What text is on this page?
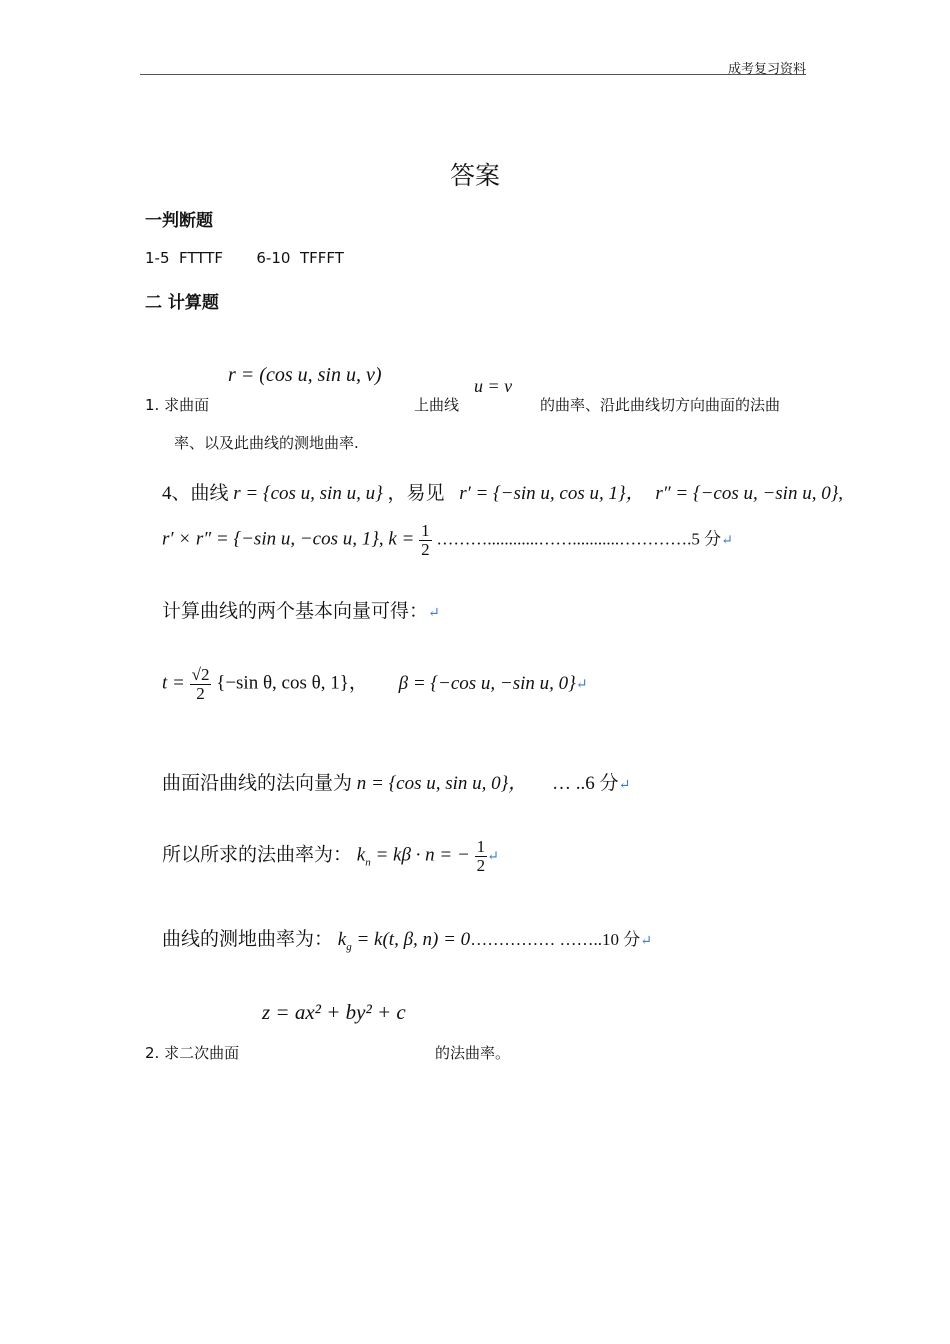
成考复习资料
答案
一判断题
1-5  FTTTF       6-10  TFFFT
二 计算题
r = (cos u, sin u, v)
1. 求曲面	上曲线
u = v
的曲率、沿此曲线切方向曲面的法曲
率、以及此曲线的测地曲率.
4、曲线 r = {cos u, sin u, u} ，易见 r′ = {−sin u, cos u, 1}， r″ = {−cos u, −sin u, 0},
r′ × r″ = {−sin u, −cos u, 1}, $k = \frac{1}{2}$ ………............……...........………….5 分↵
计算曲线的两个基本向量可得：↵
$t = \frac{√2}{2} \{-\sin$ θ, cos θ, 1}， β = {−cos u, −sin u, 0}↵
曲面沿曲线的法向量为 n = {cos u, sin u, 0}， … ..6 分↵
所以所求的法曲率为： $k_n = k\beta \cdot n$ = − $\frac{1}{2}$ ↵
曲线的测地曲率为： $k_g = k(t$, β, n) = 0…………… ……..10 分↵
z = ax² + by² + c
2. 求二次曲面	的法曲率。
